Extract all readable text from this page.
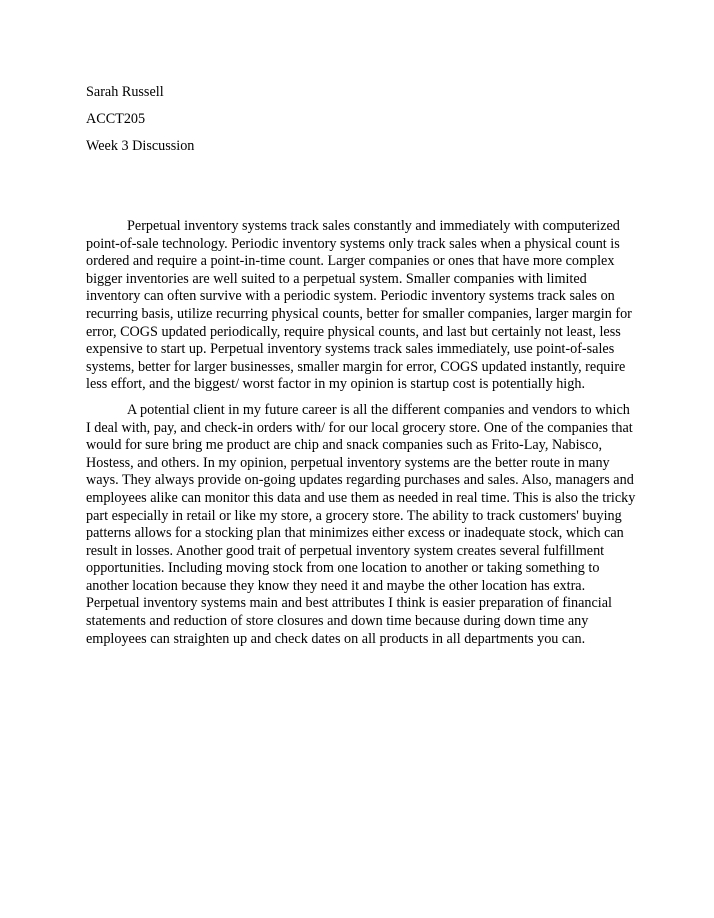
Sarah Russell
ACCT205
Week 3 Discussion

Perpetual inventory systems track sales constantly and immediately with computerized point-of-sale technology. Periodic inventory systems only track sales when a physical count is ordered and require a point-in-time count. Larger companies or ones that have more complex bigger inventories are well suited to a perpetual system. Smaller companies with limited inventory can often survive with a periodic system. Periodic inventory systems track sales on recurring basis, utilize recurring physical counts, better for smaller companies, larger margin for error, COGS updated periodically, require physical counts, and last but certainly not least, less expensive to start up. Perpetual inventory systems track sales immediately, use point-of-sales systems, better for larger businesses, smaller margin for error, COGS updated instantly, require less effort, and the biggest/ worst factor in my opinion is startup cost is potentially high.

A potential client in my future career is all the different companies and vendors to which I deal with, pay, and check-in orders with/ for our local grocery store. One of the companies that would for sure bring me product are chip and snack companies such as Frito-Lay, Nabisco, Hostess, and others. In my opinion, perpetual inventory systems are the better route in many ways. They always provide on-going updates regarding purchases and sales. Also, managers and employees alike can monitor this data and use them as needed in real time. This is also the tricky part especially in retail or like my store, a grocery store. The ability to track customers' buying patterns allows for a stocking plan that minimizes either excess or inadequate stock, which can result in losses. Another good trait of perpetual inventory system creates several fulfillment opportunities. Including moving stock from one location to another or taking something to another location because they know they need it and maybe the other location has extra. Perpetual inventory systems main and best attributes I think is easier preparation of financial statements and reduction of store closures and down time because during down time any employees can straighten up and check dates on all products in all departments you can.
